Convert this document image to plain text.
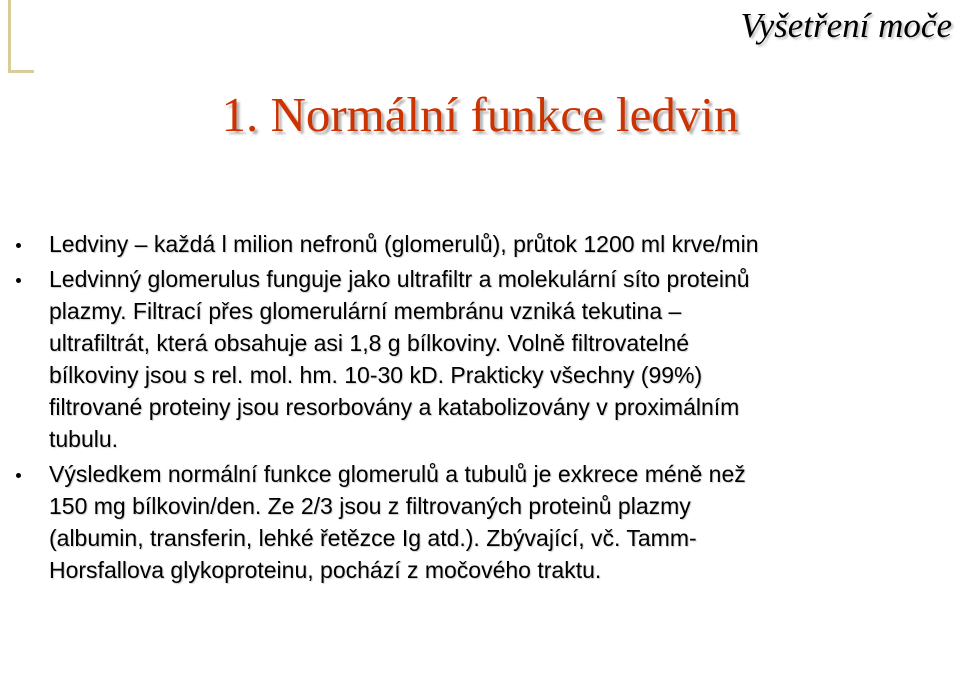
Vyšetření moče
1. Normální funkce ledvin
Ledviny – každá l milion nefronů (glomerulů), průtok 1200 ml krve/min
Ledvinný glomerulus funguje jako ultrafiltr a molekulární síto proteinů plazmy. Filtrací přes glomerulární membránu vzniká tekutina – ultrafiltrát, která obsahuje asi 1,8 g bílkoviny. Volně filtrovatelné bílkoviny jsou s rel. mol. hm. 10-30 kD. Prakticky všechny (99%) filtrované proteiny jsou resorbovány a katabolizovány v proximálním tubulu.
Výsledkem normální funkce glomerulů a tubulů je exkrece méně než 150 mg bílkovin/den. Ze 2/3 jsou z filtrovaných proteinů plazmy (albumin, transferin, lehké řetězce Ig atd.). Zbývající, vč. Tamm-Horsfallova glykoproteinu, pochází z močového traktu.
